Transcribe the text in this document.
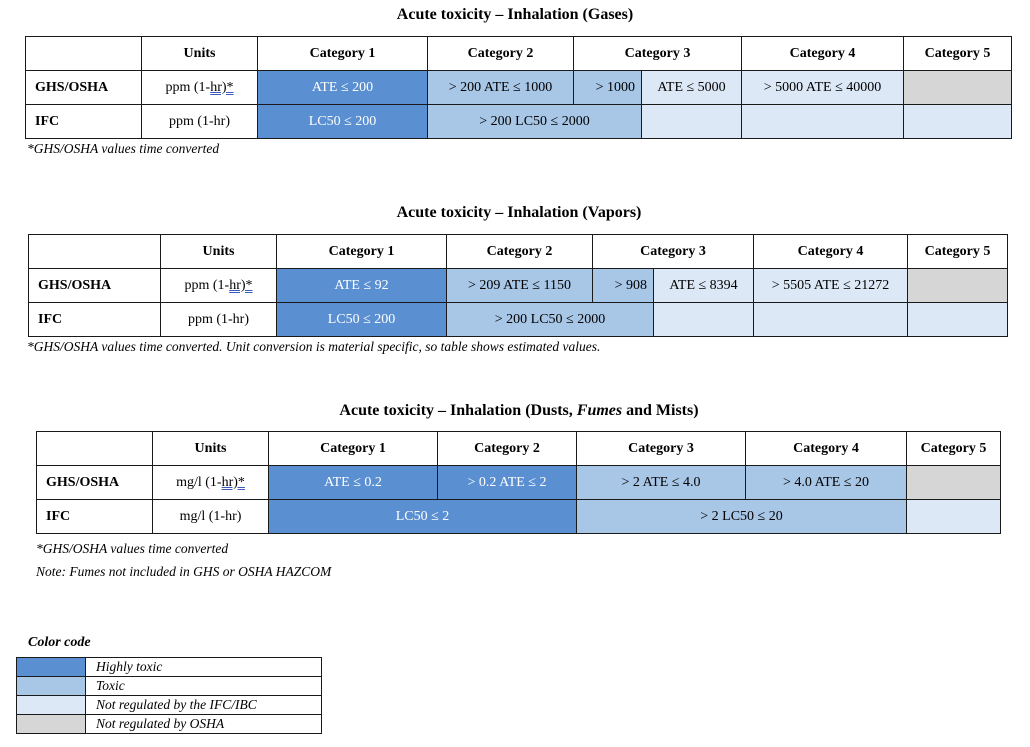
Acute toxicity – Inhalation (Gases)
	Units	Category 1	Category 2	Category 3		Category 4	Category 5
GHS/OSHA	ppm (1-hr)*	ATE ≤ 200	> 200 ATE ≤ 1000	> 1000	ATE ≤ 5000	> 5000 ATE ≤ 40000	
IFC	ppm (1-hr)	LC50 ≤ 200	> 200 LC50 ≤ 2000				
*GHS/OSHA values time converted
Acute toxicity – Inhalation (Vapors)
	Units	Category 1	Category 2	Category 3		Category 4	Category 5
GHS/OSHA	ppm (1-hr)*	ATE ≤ 92	> 209 ATE ≤ 1150	> 908	ATE ≤ 8394	> 5505 ATE ≤ 21272	
IFC	ppm (1-hr)	LC50 ≤ 200	> 200 LC50 ≤ 2000				
*GHS/OSHA values time converted. Unit conversion is material specific, so table shows estimated values.
Acute toxicity – Inhalation (Dusts, Fumes and Mists)
	Units	Category 1	Category 2	Category 3	Category 4	Category 5
GHS/OSHA	mg/l (1-hr)*	ATE ≤ 0.2	> 0.2 ATE ≤ 2	> 2 ATE ≤ 4.0	> 4.0 ATE ≤ 20	
IFC	mg/l (1-hr)	LC50 ≤ 2		> 2 LC50 ≤ 20		
*GHS/OSHA values time converted
Note: Fumes not included in GHS or OSHA HAZCOM
Color code
	Highly toxic
	Toxic
	Not regulated by the IFC/IBC
	Not regulated by OSHA
